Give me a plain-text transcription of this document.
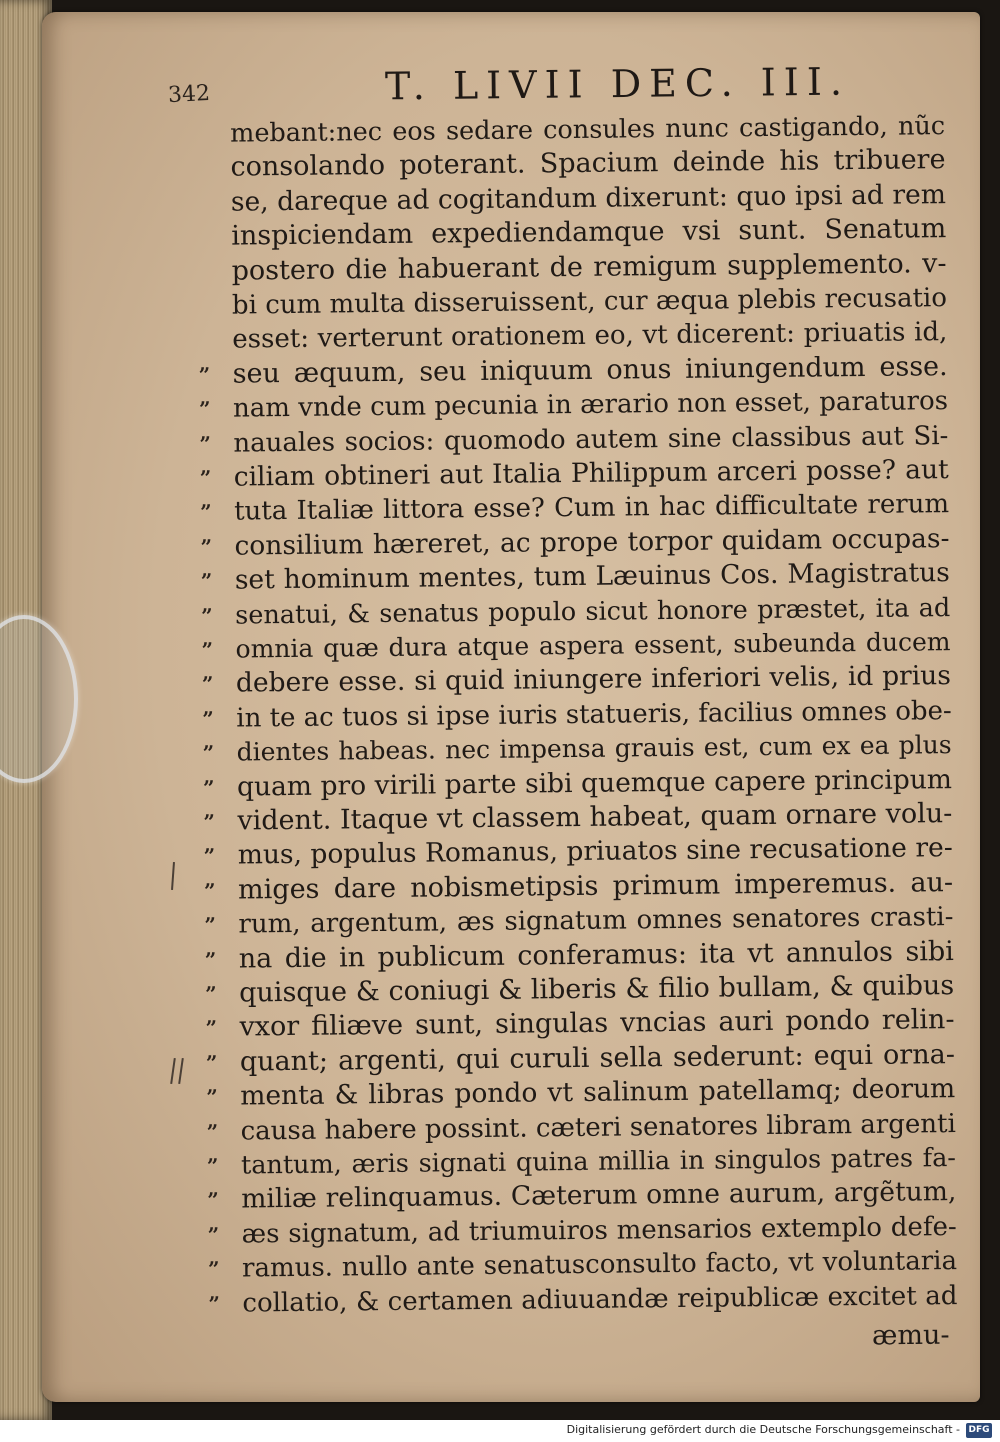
342	T. LIVII DEC. III.
mebant:nec eos sedare consules nunc castigando, nũc
consolando poterant. Spacium deinde his tribuere
se, dareque ad cogitandum dixerunt: quo ipsi ad rem
inspiciendam expediendamque vsi sunt. Senatum
postero die habuerant de remigum supplemento. v-
bi cum multa disseruissent, cur æqua plebis recusatio
esset: verterunt orationem eo, vt dicerent: priuatis id,
” seu æquum, seu iniquum onus iniungendum esse.
” nam vnde cum pecunia in ærario non esset, paraturos
” nauales socios: quomodo autem sine classibus aut Si-
” ciliam obtineri aut Italia Philippum arceri posse? aut
” tuta Italiæ littora esse? Cum in hac difficultate rerum
” consilium hæreret, ac prope torpor quidam occupas-
” set hominum mentes, tum Læuinus Cos. Magistratus
” senatui, & senatus populo sicut honore præstet, ita ad
” omnia quæ dura atque aspera essent, subeunda ducem
” debere esse. si quid iniungere inferiori velis, id prius
” in te ac tuos si ipse iuris statueris, facilius omnes obe-
” dientes habeas. nec impensa grauis est, cum ex ea plus
” quam pro virili parte sibi quemque capere principum
” vident. Itaque vt classem habeat, quam ornare volu-
” mus, populus Romanus, priuatos sine recusatione re-
” miges dare nobismetipsis primum imperemus. au-
” rum, argentum, æs signatum omnes senatores crasti-
” na die in publicum conferamus: ita vt annulos sibi
” quisque & coniugi & liberis & filio bullam, & quibus
” vxor filiæve sunt, singulas vncias auri pondo relin-
” quant; argenti, qui curuli sella sederunt: equi orna-
” menta & libras pondo vt salinum patellamq; deorum
” causa habere possint. cæteri senatores libram argenti
” tantum, æris signati quina millia in singulos patres fa-
” miliæ relinquamus. Cæterum omne aurum, argẽtum,
” æs signatum, ad triumuiros mensarios extemplo defe-
” ramus. nullo ante senatusconsulto facto, vt voluntaria
” collatio, & certamen adiuuandæ reipublicæ excitet ad
æmu-
Digitalisierung gefördert durch die Deutsche Forschungsgemeinschaft - DFG
